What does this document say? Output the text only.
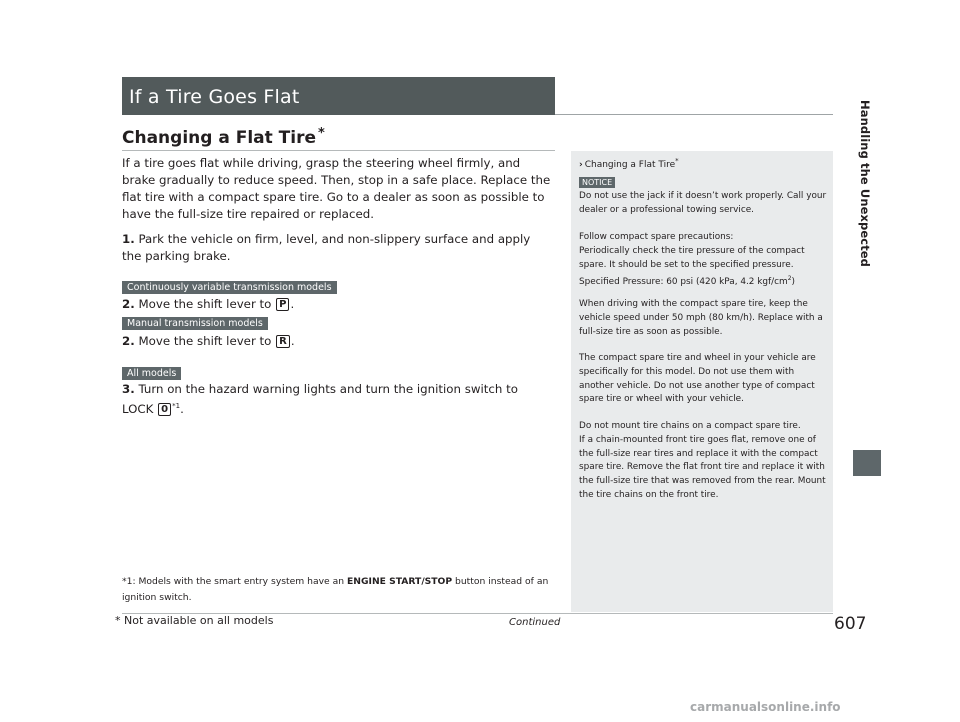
If a Tire Goes Flat
Changing a Flat Tire *
If a tire goes flat while driving, grasp the steering wheel firmly, and brake gradually to reduce speed. Then, stop in a safe place. Replace the flat tire with a compact spare tire. Go to a dealer as soon as possible to have the full-size tire repaired or replaced.
1. Park the vehicle on firm, level, and non-slippery surface and apply the parking brake.
Continuously variable transmission models
2. Move the shift lever to P .
Manual transmission models
2. Move the shift lever to R .
All models
3. Turn on the hazard warning lights and turn the ignition switch to LOCK 0 $^{*1}$.
*1: Models with the smart entry system have an ENGINE START/STOP button instead of an ignition switch.
› Changing a Flat Tire*
NOTICE
Do not use the jack if it doesn’t work properly. Call your dealer or a professional towing service.
Follow compact spare precautions:
Periodically check the tire pressure of the compact spare. It should be set to the specified pressure.
Specified Pressure: 60 psi (420 kPa, 4.2 kgf/$cm^2$)
When driving with the compact spare tire, keep the vehicle speed under 50 mph (80 km/h). Replace with a full-size tire as soon as possible.
The compact spare tire and wheel in your vehicle are specifically for this model. Do not use them with another vehicle. Do not use another type of compact spare tire or wheel with your vehicle.
Do not mount tire chains on a compact spare tire.
If a chain-mounted front tire goes flat, remove one of the full-size rear tires and replace it with the compact spare tire. Remove the flat front tire and replace it with the full-size tire that was removed from the rear. Mount the tire chains on the front tire.
Handling the Unexpected
* Not available on all models	Continued	607
carmanualsonline.info
